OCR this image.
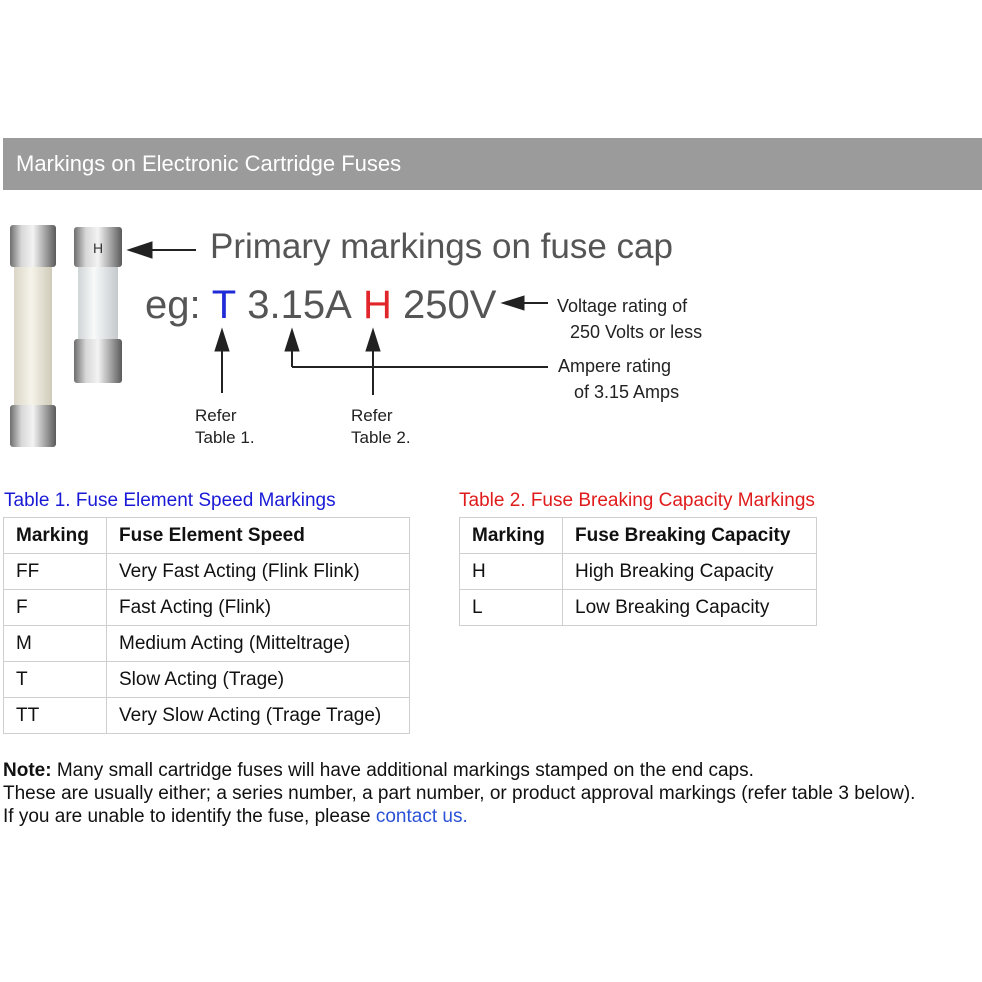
Markings on Electronic Cartridge Fuses
H	Primary markings on fuse cap
eg: T 3.15A H 250V	Voltage rating of
250 Volts or less
Ampere rating
of 3.15 Amps
Refer
Table 1.
Refer
Table 2.
Table 1. Fuse Element Speed Markings
Marking	Fuse Element Speed
FF	Very Fast Acting (Flink Flink)
F	Fast Acting (Flink)
M	Medium Acting (Mitteltrage)
T	Slow Acting (Trage)
TT	Very Slow Acting (Trage Trage)
Table 2. Fuse Breaking Capacity Markings
Marking	Fuse Breaking Capacity
H	High Breaking Capacity
L	Low Breaking Capacity
Note: Many small cartridge fuses will have additional markings stamped on the end caps.
These are usually either; a series number, a part number, or product approval markings (refer table 3 below).
If you are unable to identify the fuse, please contact us.
